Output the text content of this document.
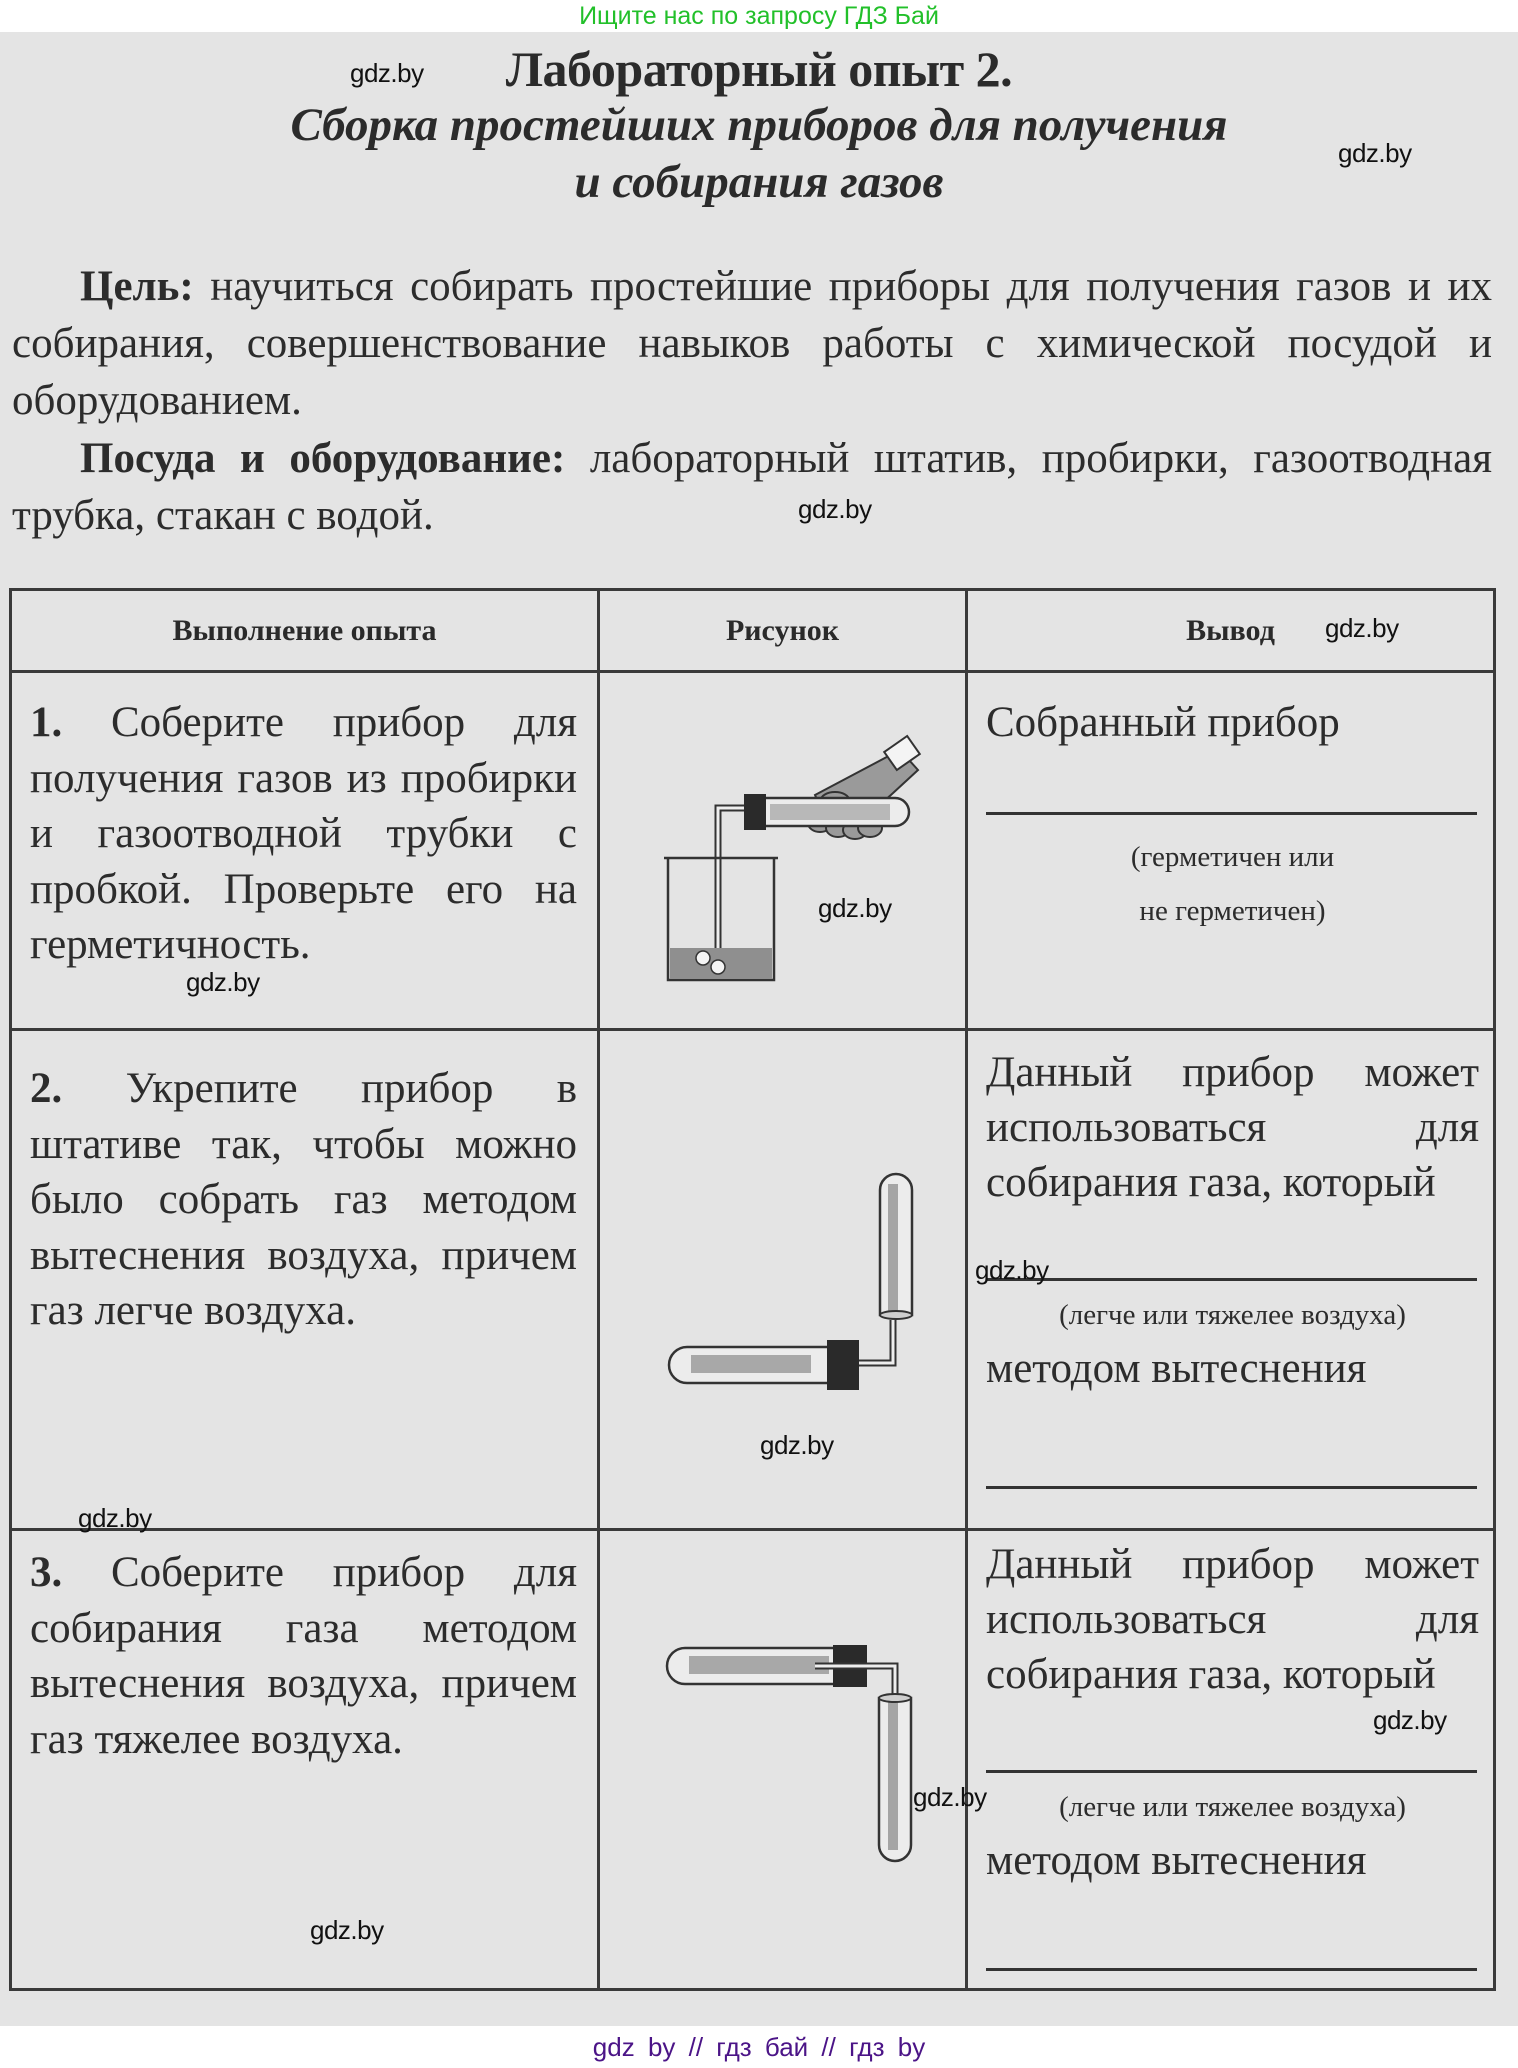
Ищите нас по запросу ГДЗ Бай
Лабораторный опыт 2.
Сборка простейших приборов для получения
и собирания газов
Цель: научиться собирать простейшие приборы для получения газов и их собирания, совершенствование навыков работы с химической посудой и оборудованием.
Посуда и оборудование: лабораторный штатив, пробирки, газоотводная трубка, стакан с водой.
Выполнение опыта	Рисунок	Вывод

1. Соберите прибор для получения газов из пробирки и газоотводной трубки с пробкой. Проверьте его на герметичность.		Собранный прибор
(герметичен или
не герметичен)

2. Укрепите прибор в штативе так, чтобы можно было собрать газ методом вытеснения воздуха, причем газ легче воздуха.		Данный прибор может использоваться для собирания газа, который
(легче или тяжелее воздуха)
методом вытеснения

3. Соберите прибор для собирания газа методом вытеснения воздуха, причем газ тяжелее воздуха.		Данный прибор может использоваться для собирания газа, который
(легче или тяжелее воздуха)
методом вытеснения
gdz.by
gdz.by
gdz.by
gdz.by
gdz.by
gdz.by
gdz.by
gdz.by
gdz.by
gdz.by
gdz.by
gdz.by
gdz by // гдз бай // гдз by
